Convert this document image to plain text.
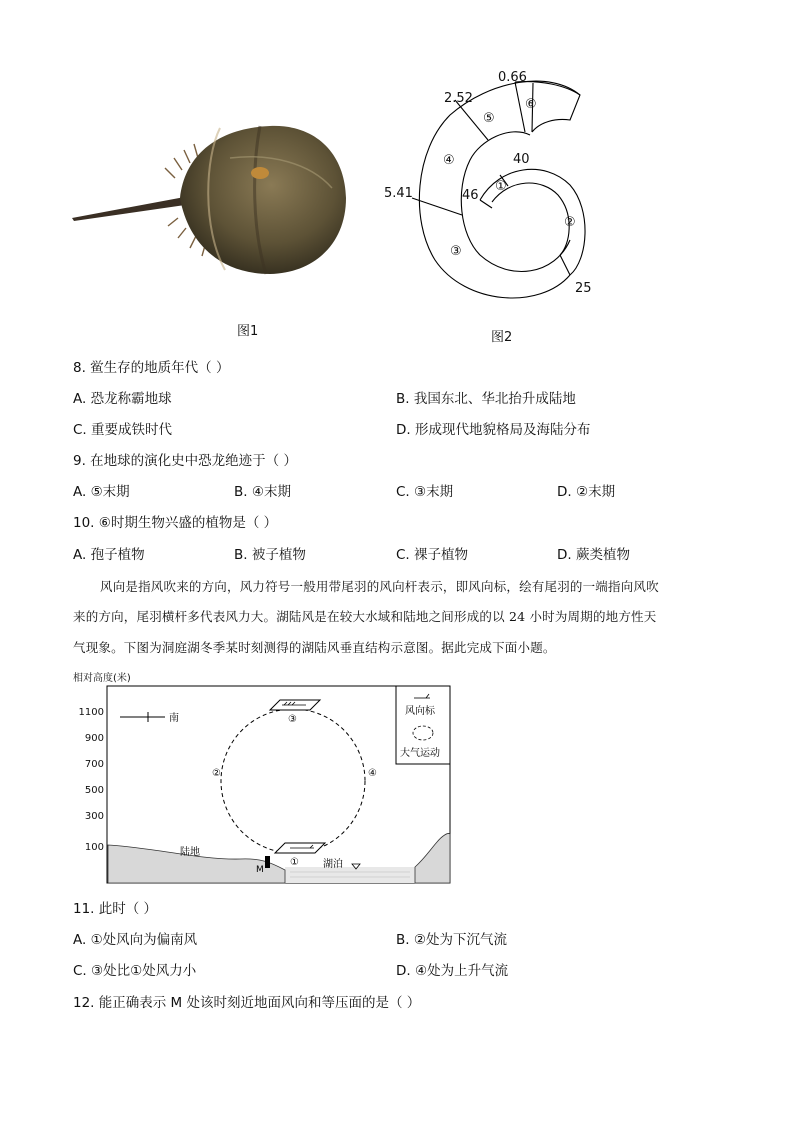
图1
0.66
2.52
5.41	46
40
25
①
②
③
④
⑤
⑥
图2
8. 鲎生存的地质年代（ ）
A. 恐龙称霸地球	B. 我国东北、华北抬升成陆地
C. 重要成铁时代	D. 形成现代地貌格局及海陆分布
9. 在地球的演化史中恐龙绝迹于（ ）
A. ⑤末期	B. ④末期	C. ③末期	D. ②末期
10. ⑥时期生物兴盛的植物是（ ）
A. 孢子植物	B. 被子植物	C. 裸子植物	D. 蕨类植物
风向是指风吹来的方向，风力符号一般用带尾羽的风向杆表示，即风向标，绘有尾羽的一端指向风吹
来的方向，尾羽横杆多代表风力大。湖陆风是在较大水域和陆地之间形成的以 24 小时为周期的地方性天
气现象。下图为洞庭湖冬季某时刻测得的湖陆风垂直结构示意图。据此完成下面小题。
相对高度(米)
1100
900
700
500
300
100
南
陆地
湖泊
M
③
①
②	④
风向标
大气运动
11. 此时（ ）
A. ①处风向为偏南风	B. ②处为下沉气流
C. ③处比①处风力小	D. ④处为上升气流
12. 能正确表示 M 处该时刻近地面风向和等压面的是（ ）
